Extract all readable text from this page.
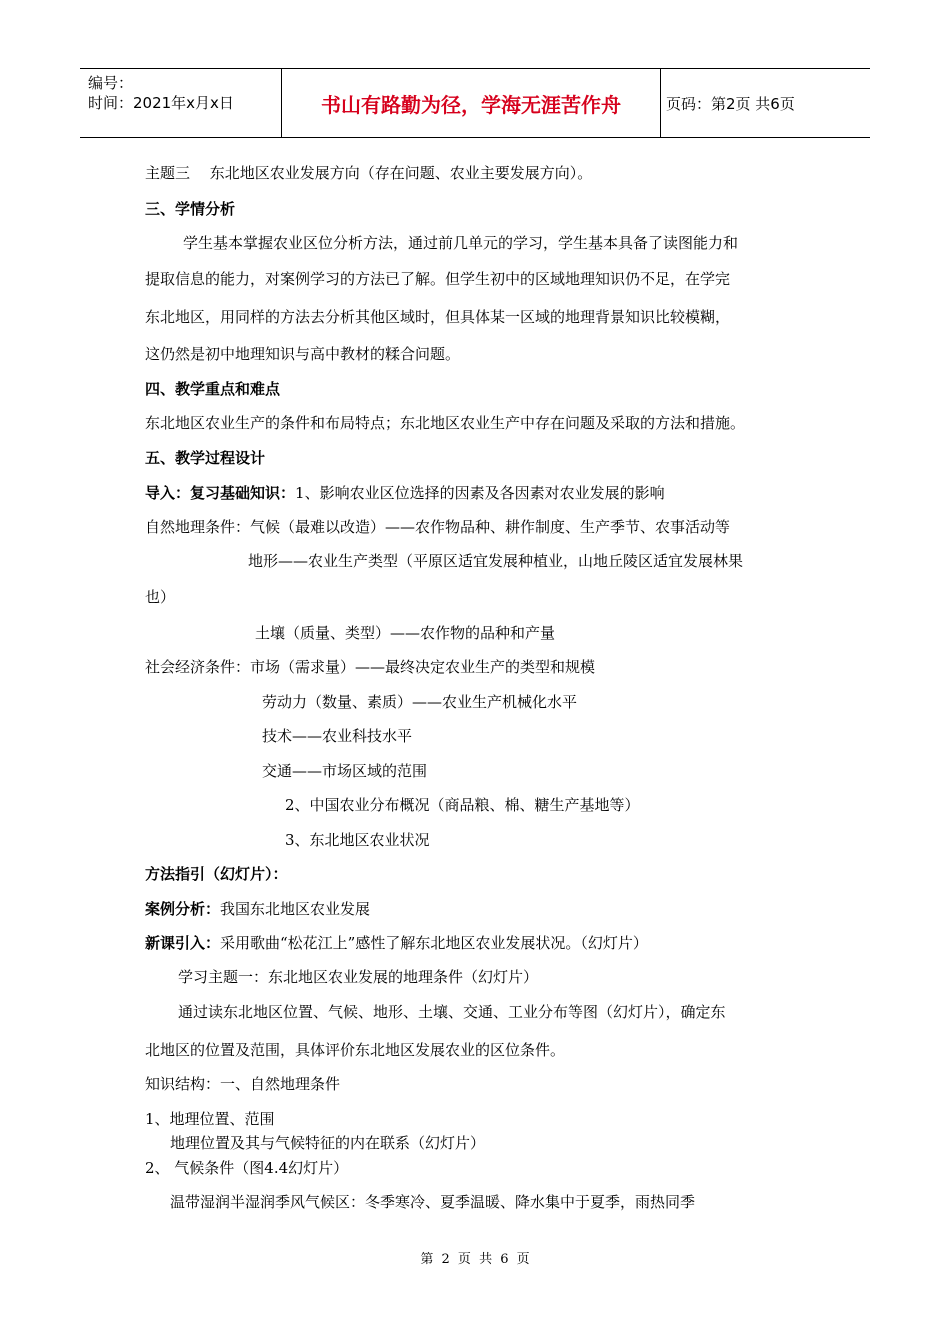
编号：
时间：2021年x月x日	书山有路勤为径，学海无涯苦作舟	页码：第2页 共6页
主题三　 东北地区农业发展方向（存在问题、农业主要发展方向）。
三、学情分析
学生基本掌握农业区位分析方法，通过前几单元的学习，学生基本具备了读图能力和
提取信息的能力，对案例学习的方法已了解。但学生初中的区域地理知识仍不足，在学完
东北地区，用同样的方法去分析其他区域时，但具体某一区域的地理背景知识比较模糊，
这仍然是初中地理知识与高中教材的糅合问题。
四、教学重点和难点
东北地区农业生产的条件和布局特点；东北地区农业生产中存在问题及采取的方法和措施。
五、教学过程设计
导入：复习基础知识：1、影响农业区位选择的因素及各因素对农业发展的影响
自然地理条件：气候（最难以改造）——农作物品种、耕作制度、生产季节、农事活动等
地形——农业生产类型（平原区适宜发展种植业，山地丘陵区适宜发展林果
也）
土壤（质量、类型）——农作物的品种和产量
社会经济条件：市场（需求量）——最终决定农业生产的类型和规模
劳动力（数量、素质）——农业生产机械化水平
技术——农业科技水平
交通——市场区域的范围
2、中国农业分布概况（商品粮、棉、糖生产基地等）
3、东北地区农业状况
方法指引（幻灯片）：
案例分析：我国东北地区农业发展
新课引入：采用歌曲“松花江上”感性了解东北地区农业发展状况。（幻灯片）
学习主题一：东北地区农业发展的地理条件（幻灯片）
通过读东北地区位置、气候、地形、土壤、交通、工业分布等图（幻灯片），确定东
北地区的位置及范围，具体评价东北地区发展农业的区位条件。
知识结构：一、自然地理条件
1、地理位置、范围
地理位置及其与气候特征的内在联系（幻灯片）
2、 气候条件（图4.4幻灯片）
温带湿润半湿润季风气候区：冬季寒冷、夏季温暖、降水集中于夏季，雨热同季
第 2 页 共 6 页
